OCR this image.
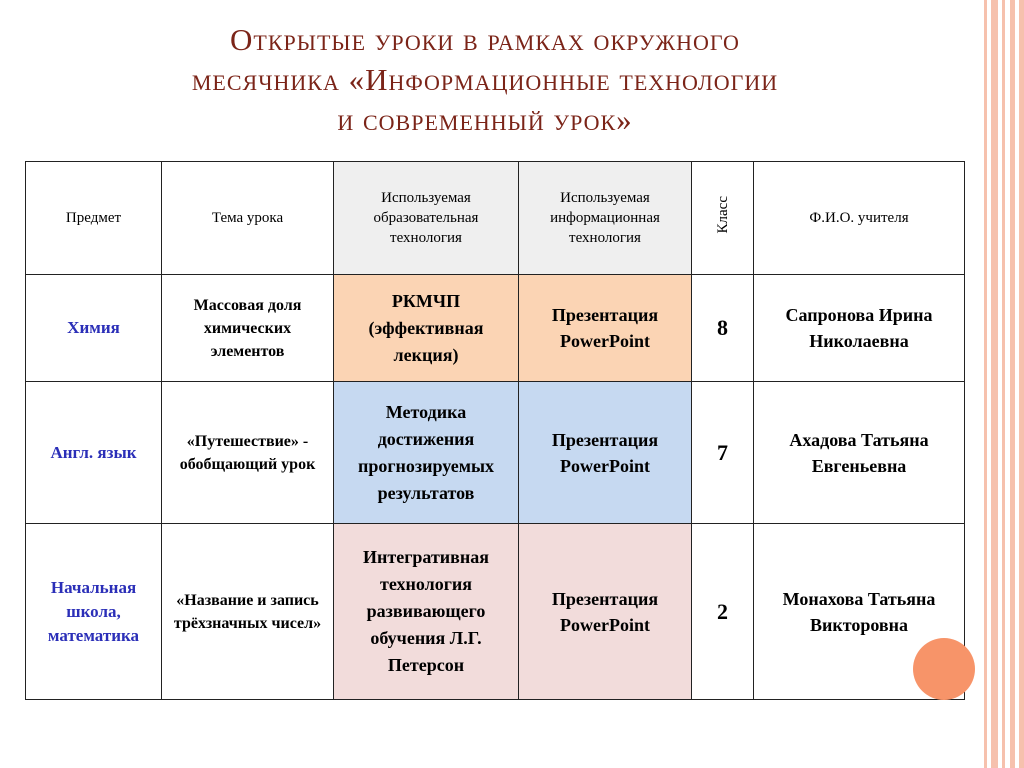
Открытые уроки в рамках окружного
месячника «Информационные технологии
и современный урок»
Предмет	Тема урока	Используемая образовательная технология	Используемая информационная технология	Класс	Ф.И.О. учителя
Химия	Массовая доля химических элементов	РКМЧП (эффективная лекция)	Презентация PowerPoint	8	Сапронова Ирина Николаевна
Англ. язык	«Путешествие» - обобщающий урок	Методика достижения прогнозируемых результатов	Презентация PowerPoint	7	Ахадова Татьяна Евгеньевна
Начальная школа, математика	«Название и запись трёхзначных чисел»	Интегративная технология развивающего обучения Л.Г. Петерсон	Презентация PowerPoint	2	Монахова Татьяна Викторовна
